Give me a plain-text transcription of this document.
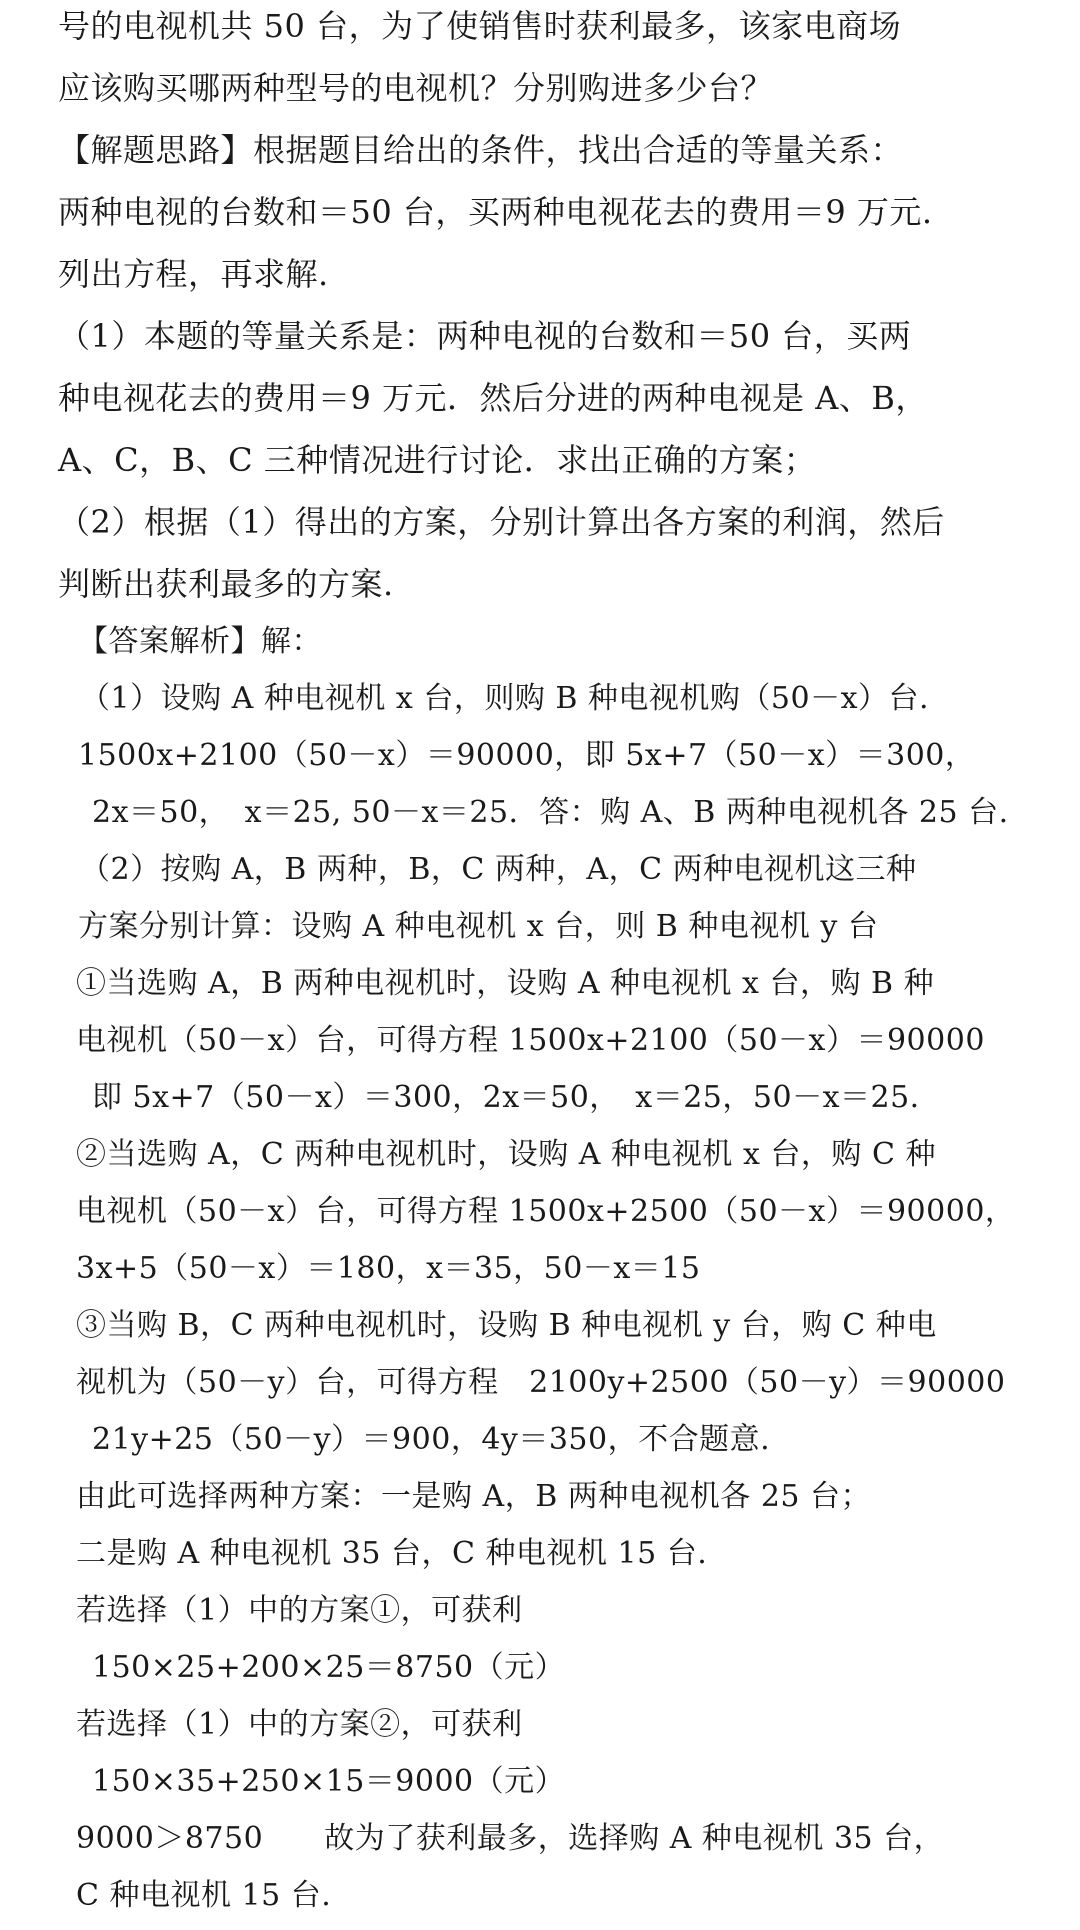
号的电视机共 50 台，为了使销售时获利最多，该家电商场
应该购买哪两种型号的电视机？分别购进多少台？
【解题思路】根据题目给出的条件，找出合适的等量关系：
两种电视的台数和＝50 台，买两种电视花去的费用＝9 万元.
列出方程，再求解.
（1）本题的等量关系是：两种电视的台数和＝50 台，买两
种电视花去的费用＝9 万元．然后分进的两种电视是 A、B，
A、C，B、C 三种情况进行讨论．求出正确的方案；
（2）根据（1）得出的方案，分别计算出各方案的利润，然后
判断出获利最多的方案.
【答案解析】解：
（1）设购 A 种电视机 x 台，则购 B 种电视机购（50－x）台.
1500x+2100（50－x）＝90000，即 5x+7（50－x）＝300，
2x＝50，　x＝25, 50－x＝25．答：购 A、B 两种电视机各 25 台.
（2）按购 A，B 两种，B，C 两种，A，C 两种电视机这三种
方案分别计算：设购 A 种电视机 x 台，则 B 种电视机 y 台
①当选购 A，B 两种电视机时，设购 A 种电视机 x 台，购 B 种
电视机（50－x）台，可得方程 1500x+2100（50－x）＝90000
即 5x+7（50－x）＝300，2x＝50，　x＝25，50－x＝25.
②当选购 A，C 两种电视机时，设购 A 种电视机 x 台，购 C 种
电视机（50－x）台，可得方程 1500x+2500（50－x）＝90000，
3x+5（50－x）＝180，x＝35，50－x＝15
③当购 B，C 两种电视机时，设购 B 种电视机 y 台，购 C 种电
视机为（50－y）台，可得方程　2100y+2500（50－y）＝90000
21y+25（50－y）＝900，4y＝350，不合题意.
由此可选择两种方案：一是购 A，B 两种电视机各 25 台；
二是购 A 种电视机 35 台，C 种电视机 15 台.
若选择（1）中的方案①，可获利
150×25+200×25＝8750（元）
若选择（1）中的方案②，可获利
150×35+250×15＝9000（元）
9000＞8750　　故为了获利最多，选择购 A 种电视机 35 台，
C 种电视机 15 台.
